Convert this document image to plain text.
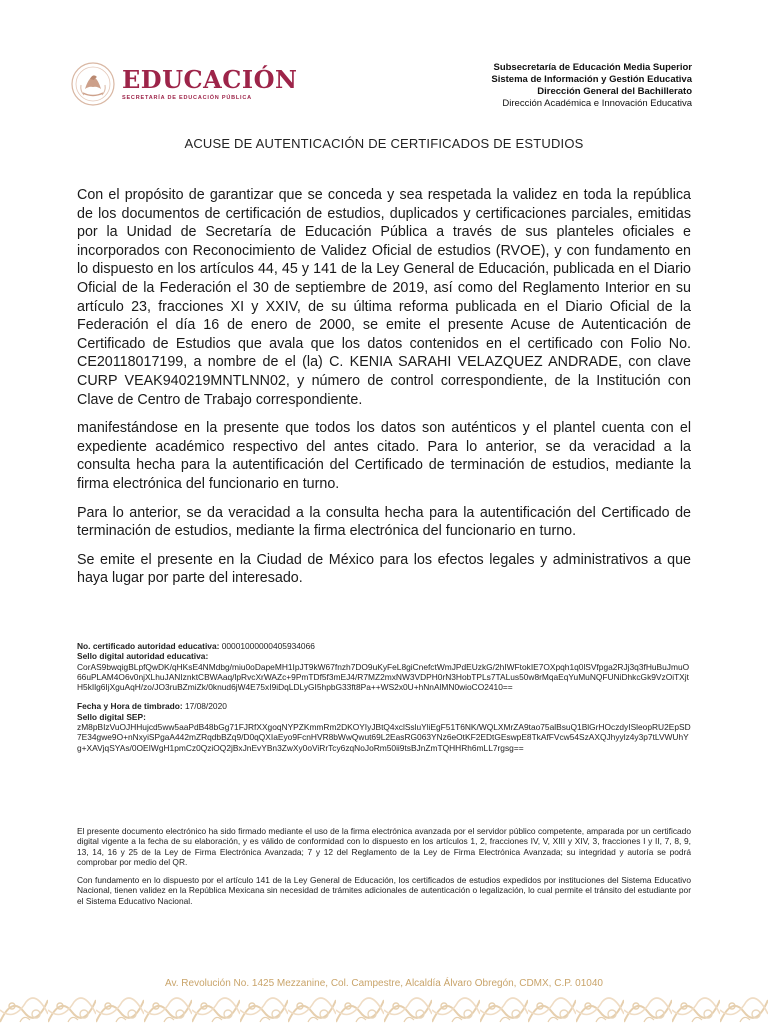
EDUCACIÓN
SECRETARÍA DE EDUCACIÓN PÚBLICA
Subsecretaría de Educación Media Superior
Sistema de Información y Gestión Educativa
Dirección General del Bachillerato
Dirección Académica e Innovación Educativa
ACUSE DE AUTENTICACIÓN DE CERTIFICADOS DE ESTUDIOS

Con el propósito de garantizar que se conceda y sea respetada la validez en toda la república de los documentos de certificación de estudios, duplicados y certificaciones parciales, emitidas por la Unidad de Secretaría de Educación Pública a través de sus planteles oficiales e incorporados con Reconocimiento de Validez Oficial de estudios (RVOE), y con fundamento en lo dispuesto en los artículos 44, 45 y 141 de la Ley General de Educación, publicada en el Diario Oficial de la Federación el 30 de septiembre de 2019, así como del Reglamento Interior en su artículo 23, fracciones XI y XXIV, de su última reforma publicada en el Diario Oficial de la Federación el día 16 de enero de 2000, se emite el presente Acuse de Autenticación de Certificado de Estudios que avala que los datos contenidos en el certificado con Folio No. CE20118017199, a nombre de el (la) C. KENIA SARAHI VELAZQUEZ ANDRADE, con clave CURP VEAK940219MNTLNN02, y número de control correspondiente, de la Institución con Clave de Centro de Trabajo correspondiente.

manifestándose en la presente que todos los datos son auténticos y el plantel cuenta con el expediente académico respectivo del antes citado. Para lo anterior, se da veracidad a la consulta hecha para la autentificación del Certificado de terminación de estudios, mediante la firma electrónica del funcionario en turno.

Para lo anterior, se da veracidad a la consulta hecha para la autentificación del Certificado de terminación de estudios, mediante la firma electrónica del funcionario en turno.

Se emite el presente en la Ciudad de México para los efectos legales y administrativos a que haya lugar por parte del interesado.

No. certificado autoridad educativa: 00001000000405934066

Sello digital autoridad educativa:

CorAS9bwqigBLpfQwDK/qHKsE4NMdbg/miu0oDapeMH1IpJT9kW67fnzh7DO9uKyFeL8giCnefctWmJPdEUzkG/2hIWFtokIE7OXpqh1q0lSVfpga2RJj3q3fHuBuJmuO66uPLAM4O6v0njXLhuJANIznktCBWAaq/lpRvcXrWAZc+9PmTDf5f3mEJ4/R7MZ2mxNW3VDPH0rN3HobTPLs7TALus50w8rMqaEqYuMuNQFUNiDhkcGk9VzOiTXjtH5kIlg6IjXguAqH/zo/JO3ruBZmiZk/0knud6jW4E75xI9iDqLDLyGI5hpbG33ft8Pa++WS2x0U+hNnAlMN0wioCO2410==

Fecha y Hora de timbrado: 17/08/2020

Sello digital SEP:

zM8pBIzVuOJHHujcd5ww5aaPdB48bGg71FJRfXXgoqNYPZKmmRm2DKOYIyJBtQ4xclSsluYliEgF51T6NK/WQLXMrZA9tao75alBsuQ1BlGrHOczdyISleopRU2EpSD7E34gwe9O+nNxyiSPgaA442mZRqdbBZq9/D0qQXIaEyo9FcnHVR8bWwQwut69L2EasRG063YNz6eOtKF2EDtGEswpE8TkAfFVcw54SzAXQJhyylz4y3p7tLVWUhYg+XAVjqSYAs/0OEIWgH1pmCz0QziOQ2jBxJnEvYBn3ZwXy0oViRrTcy6zqNoJoRm50ii9tsBJnZmTQHHRh6mLL7rgsg==

El presente documento electrónico ha sido firmado mediante el uso de la firma electrónica avanzada por el servidor público competente, amparada por un certificado digital vigente a la fecha de su elaboración, y es válido de conformidad con lo dispuesto en los artículos 1, 2, fracciones IV, V, XIII y XIV, 3, fracciones I y II, 7, 8, 9, 13, 14, 16 y 25 de la Ley de Firma Electrónica Avanzada; 7 y 12 del Reglamento de la Ley de Firma Electrónica Avanzada; su integridad y autoría se podrá comprobar por medio del QR.

Con fundamento en lo dispuesto por el artículo 141 de la Ley General de Educación, los certificados de estudios expedidos por instituciones del Sistema Educativo Nacional, tienen validez en la República Mexicana sin necesidad de trámites adicionales de autenticación o legalización, lo cual permite el tránsito del estudiante por el Sistema Educativo Nacional.

Av. Revolución No. 1425 Mezzanine, Col. Campestre, Alcaldía Álvaro Obregón, CDMX, C.P. 01040
